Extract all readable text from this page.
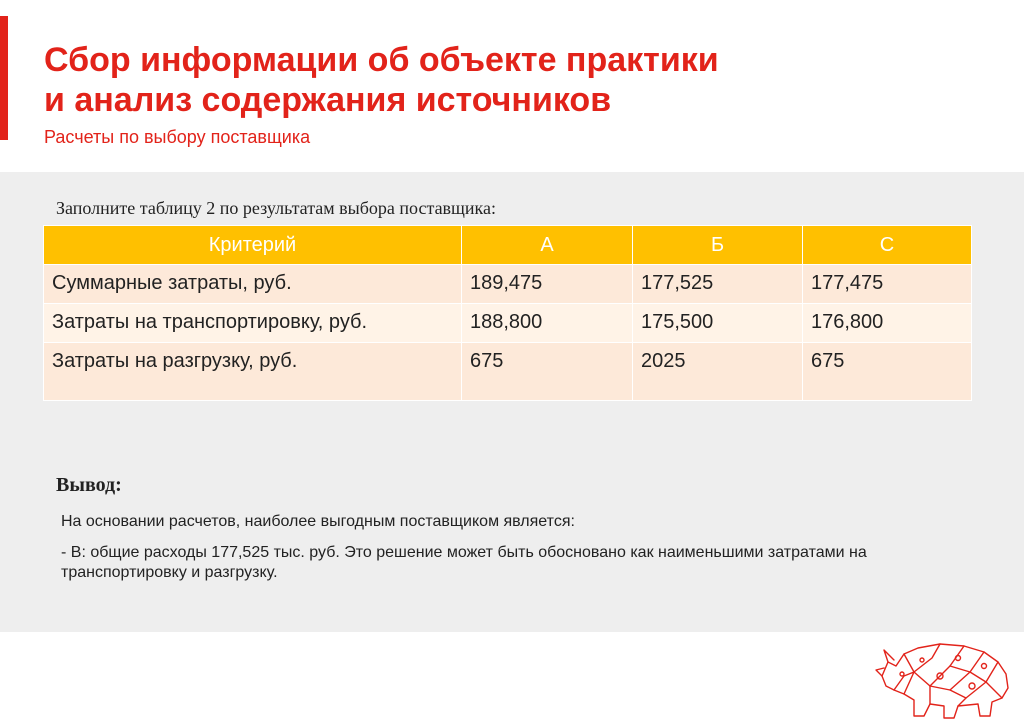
Сбор информации об объекте практики
и анализ содержания источников
Расчеты по выбору поставщика
Заполните таблицу 2 по результатам выбора поставщика:
Критерий	А	Б	С
Суммарные затраты, руб.	189,475	177,525	177,475
Затраты на транспортировку, руб.	188,800	175,500	176,800
Затраты на разгрузку, руб.	675	2025	675
Вывод:
На основании расчетов, наиболее выгодным поставщиком является:
- В: общие расходы 177,525 тыс. руб. Это решение может быть обосновано как наименьшими затратами на транспортировку и разгрузку.
